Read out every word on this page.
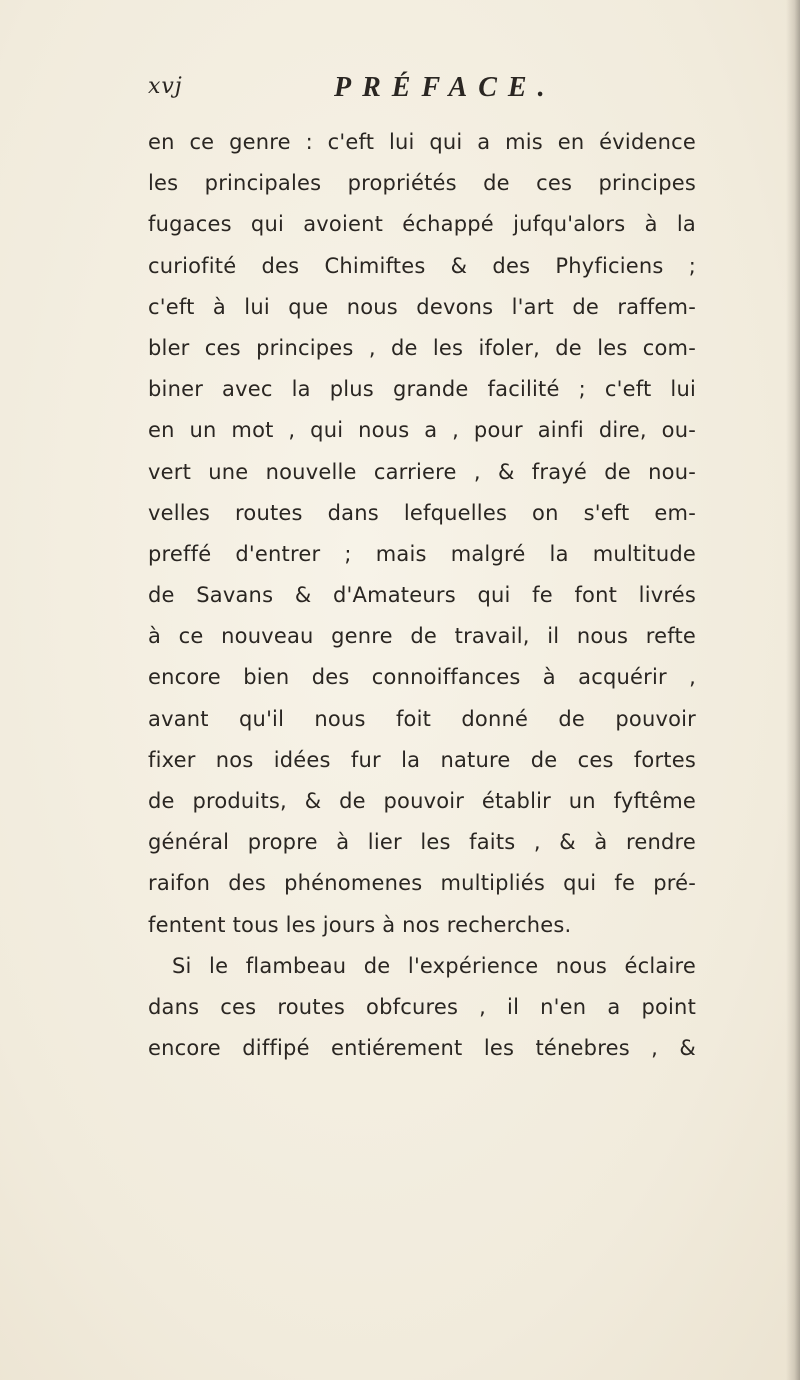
xvj	PRÉFACE.
en ce genre : c'eft lui qui a mis en évidence
les principales propriétés de ces principes
fugaces qui avoient échappé jufqu'alors à la
curiofité des Chimiftes & des Phyficiens ;
c'eft à lui que nous devons l'art de raffem-
bler ces principes , de les ifoler, de les com-
biner avec la plus grande facilité ; c'eft lui
en un mot , qui nous a , pour ainfi dire, ou-
vert une nouvelle carriere , & frayé de nou-
velles routes dans lefquelles on s'eft em-
preffé d'entrer ; mais malgré la multitude
de Savans & d'Amateurs qui fe font livrés
à ce nouveau genre de travail, il nous refte
encore bien des connoiffances à acquérir ,
avant qu'il nous foit donné de pouvoir
fixer nos idées fur la nature de ces fortes
de produits, & de pouvoir établir un fyftême
général propre à lier les faits , & à rendre
raifon des phénomenes multipliés qui fe pré-
fentent tous les jours à nos recherches.
Si le flambeau de l'expérience nous éclaire
dans ces routes obfcures , il n'en a point
encore diffipé entiérement les ténebres , &
